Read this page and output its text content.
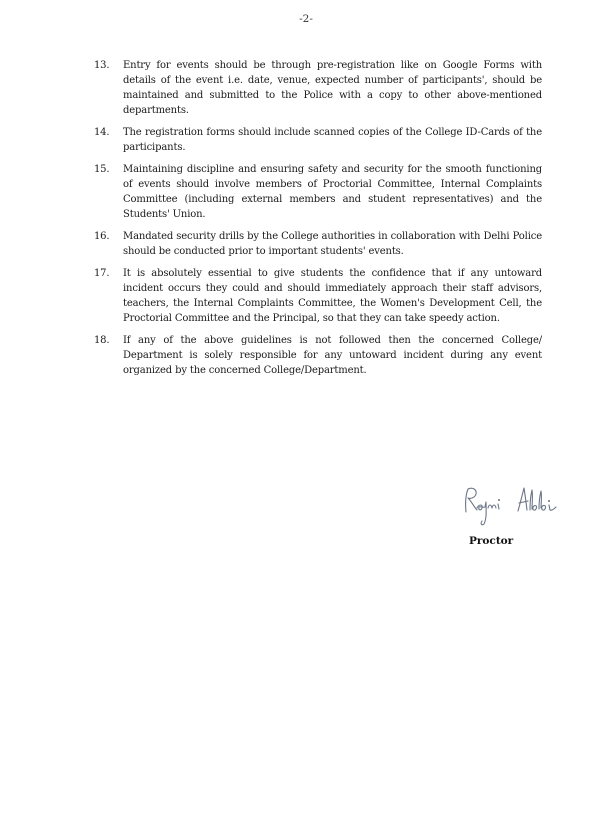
-2-
13.	Entry for events should be through pre-registration like on Google Forms with details of the event i.e. date, venue, expected number of participants', should be maintained and submitted to the Police with a copy to other above-mentioned departments.
14.	The registration forms should include scanned copies of the College ID-Cards of the participants.
15.	Maintaining discipline and ensuring safety and security for the smooth functioning of events should involve members of Proctorial Committee, Internal Complaints Committee (including external members and student representatives) and the Students' Union.
16.	Mandated security drills by the College authorities in collaboration with Delhi Police should be conducted prior to important students' events.
17.	It is absolutely essential to give students the confidence that if any untoward incident occurs they could and should immediately approach their staff advisors, teachers, the Internal Complaints Committee, the Women's Development Cell, the Proctorial Committee and the Principal, so that they can take speedy action.
18.	If any of the above guidelines is not followed then the concerned College/ Department is solely responsible for any untoward incident during any event organized by the concerned College/Department.
Proctor
